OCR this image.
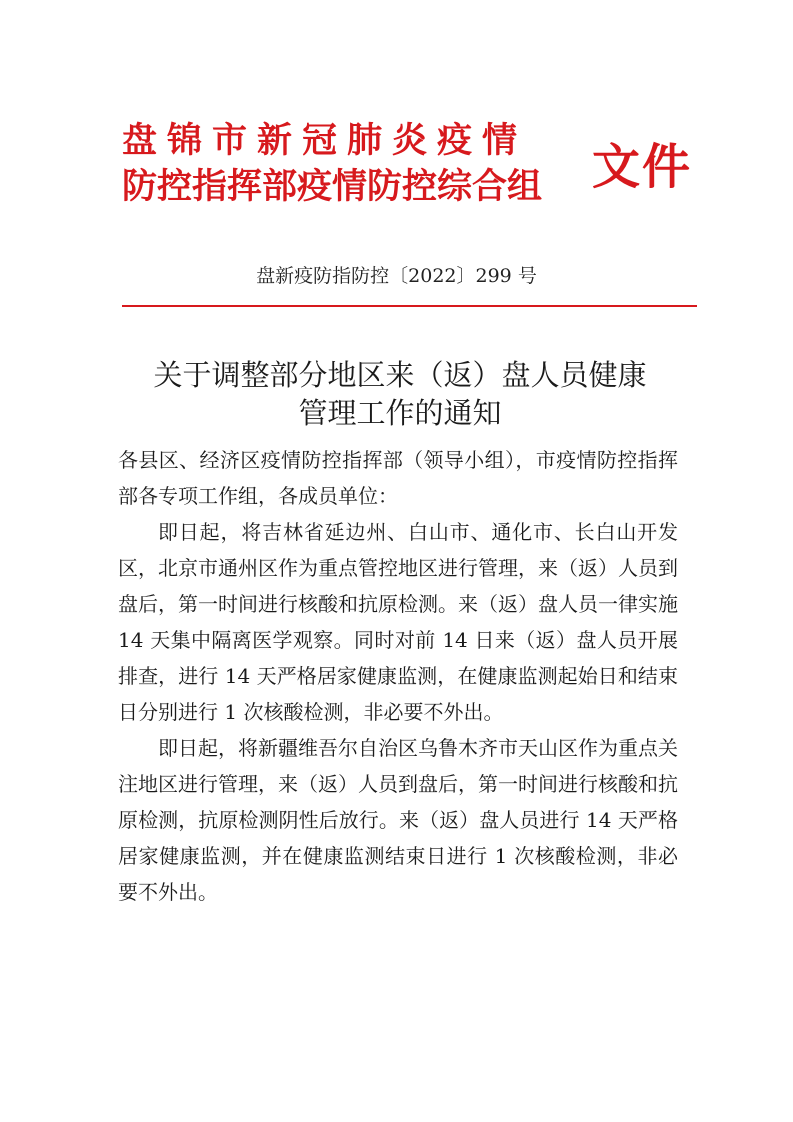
盘锦市新冠肺炎疫情
防控指挥部疫情防控综合组	文件
盘新疫防指防控〔2022〕299 号
关于调整部分地区来（返）盘人员健康
管理工作的通知

各县区、经济区疫情防控指挥部（领导小组），市疫情防控指挥部各专项工作组，各成员单位：

即日起，将吉林省延边州、白山市、通化市、长白山开发区，北京市通州区作为重点管控地区进行管理，来（返）人员到盘后，第一时间进行核酸和抗原检测。来（返）盘人员一律实施 14 天集中隔离医学观察。同时对前 14 日来（返）盘人员开展排查，进行 14 天严格居家健康监测，在健康监测起始日和结束日分别进行 1 次核酸检测，非必要不外出。

即日起，将新疆维吾尔自治区乌鲁木齐市天山区作为重点关注地区进行管理，来（返）人员到盘后，第一时间进行核酸和抗原检测，抗原检测阴性后放行。来（返）盘人员进行 14 天严格居家健康监测，并在健康监测结束日进行 1 次核酸检测，非必要不外出。
